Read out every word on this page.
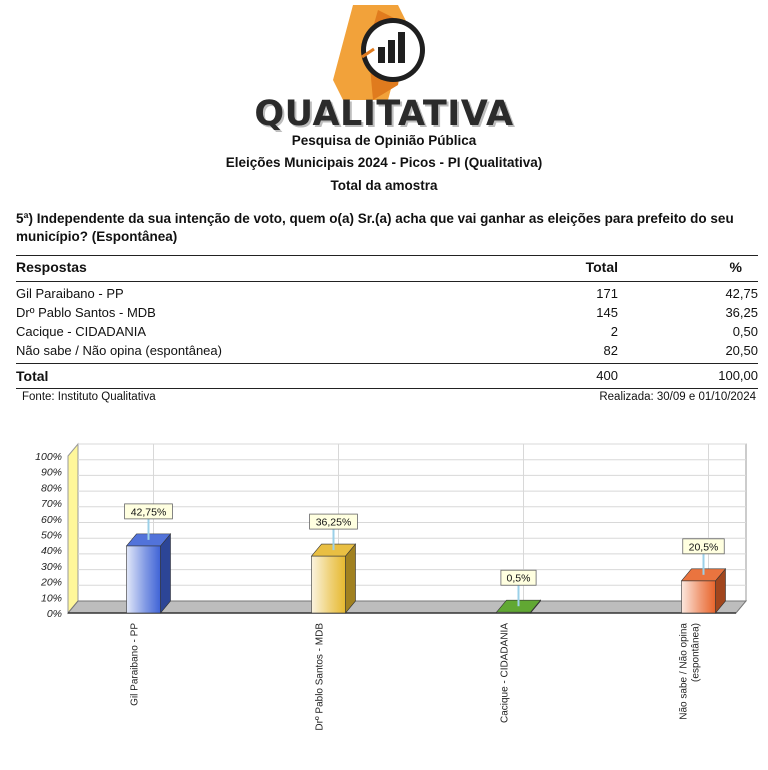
QUALITATIVA
Pesquisa de Opinião Pública
Eleições Municipais 2024 - Picos - PI (Qualitativa)
Total da amostra
5ª) Independente da sua intenção de voto, quem o(a) Sr.(a) acha que vai ganhar as eleições para prefeito do seu município? (Espontânea)
Respostas	Total	%
Gil Paraibano - PP	171	42,75
Drº Pablo Santos - MDB	145	36,25
Cacique - CIDADANIA	2	0,50
Não sabe / Não opina (espontânea)	82	20,50
Total	400	100,00
Fonte: Instituto Qualitativa	Realizada: 30/09 e 01/10/2024
0%
10%
20%
30%
40%
50%
60%
70%
80%
90%
100%
42,75%
Gil Paraibano - PP
36,25%
Drº Pablo Santos - MDB
0,5%
Cacique - CIDADANIA
20,5%
Não sabe / Não opina (espontânea)
